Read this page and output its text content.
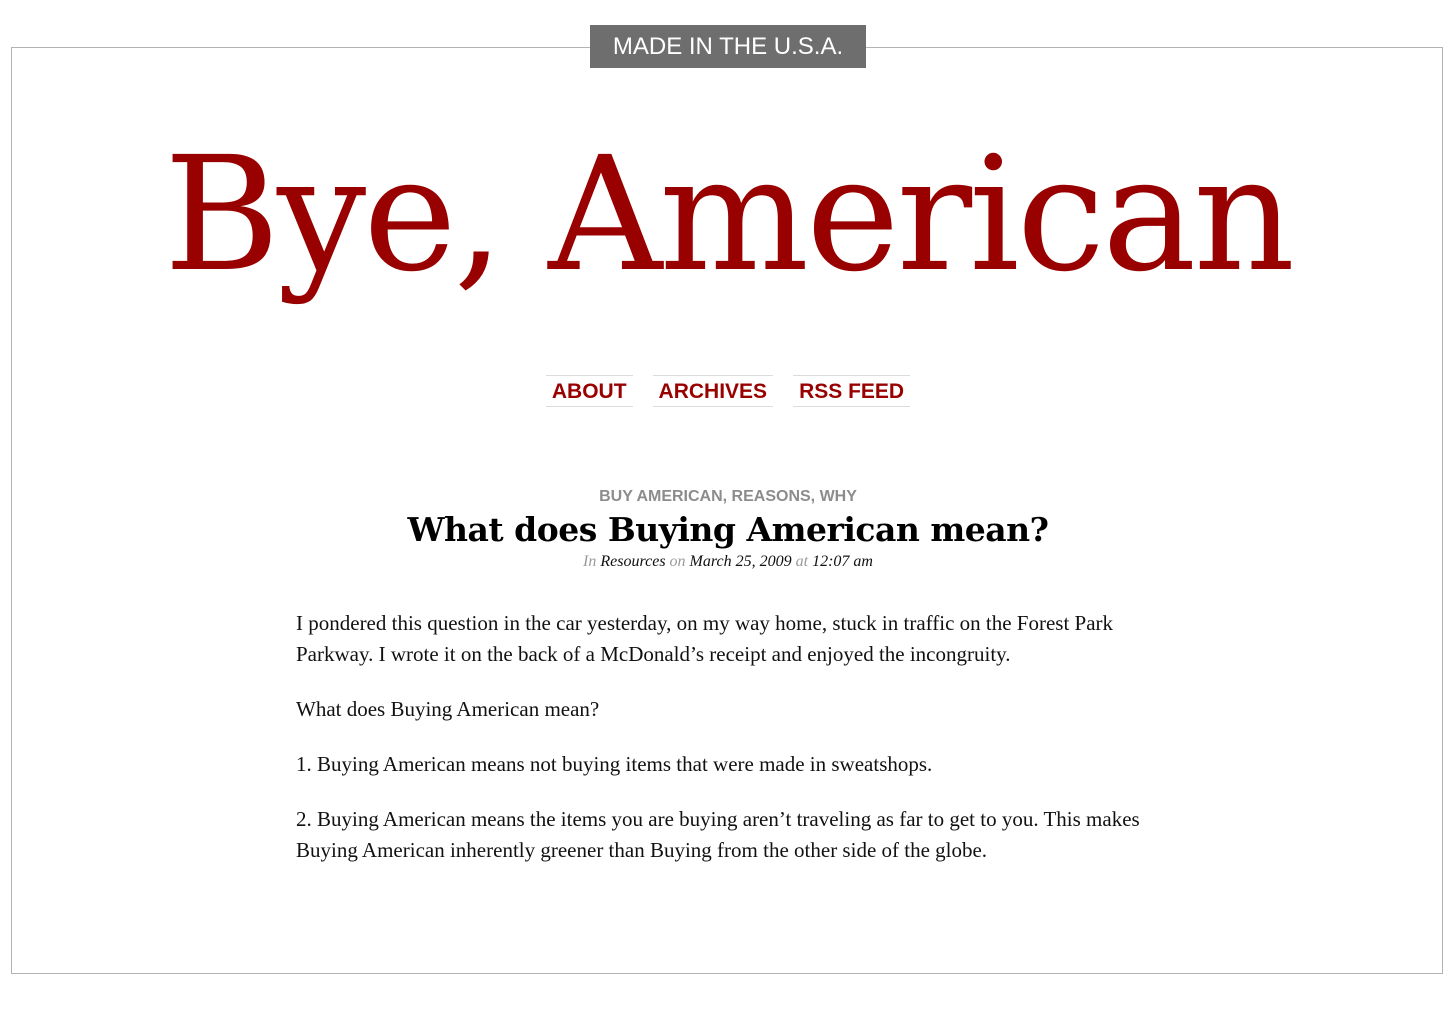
MADE IN THE U.S.A.
Bye, American
ABOUT ARCHIVES RSS FEED
BUY AMERICAN, REASONS, WHY
What does Buying American mean?
In Resources on March 25, 2009 at 12:07 am

I pondered this question in the car yesterday, on my way home, stuck in traffic on the Forest Park Parkway. I wrote it on the back of a McDonald’s receipt and enjoyed the incongruity.

What does Buying American mean?

1. Buying American means not buying items that were made in sweatshops.

2. Buying American means the items you are buying aren’t traveling as far to get to you. This makes Buying American inherently greener than Buying from the other side of the globe.
